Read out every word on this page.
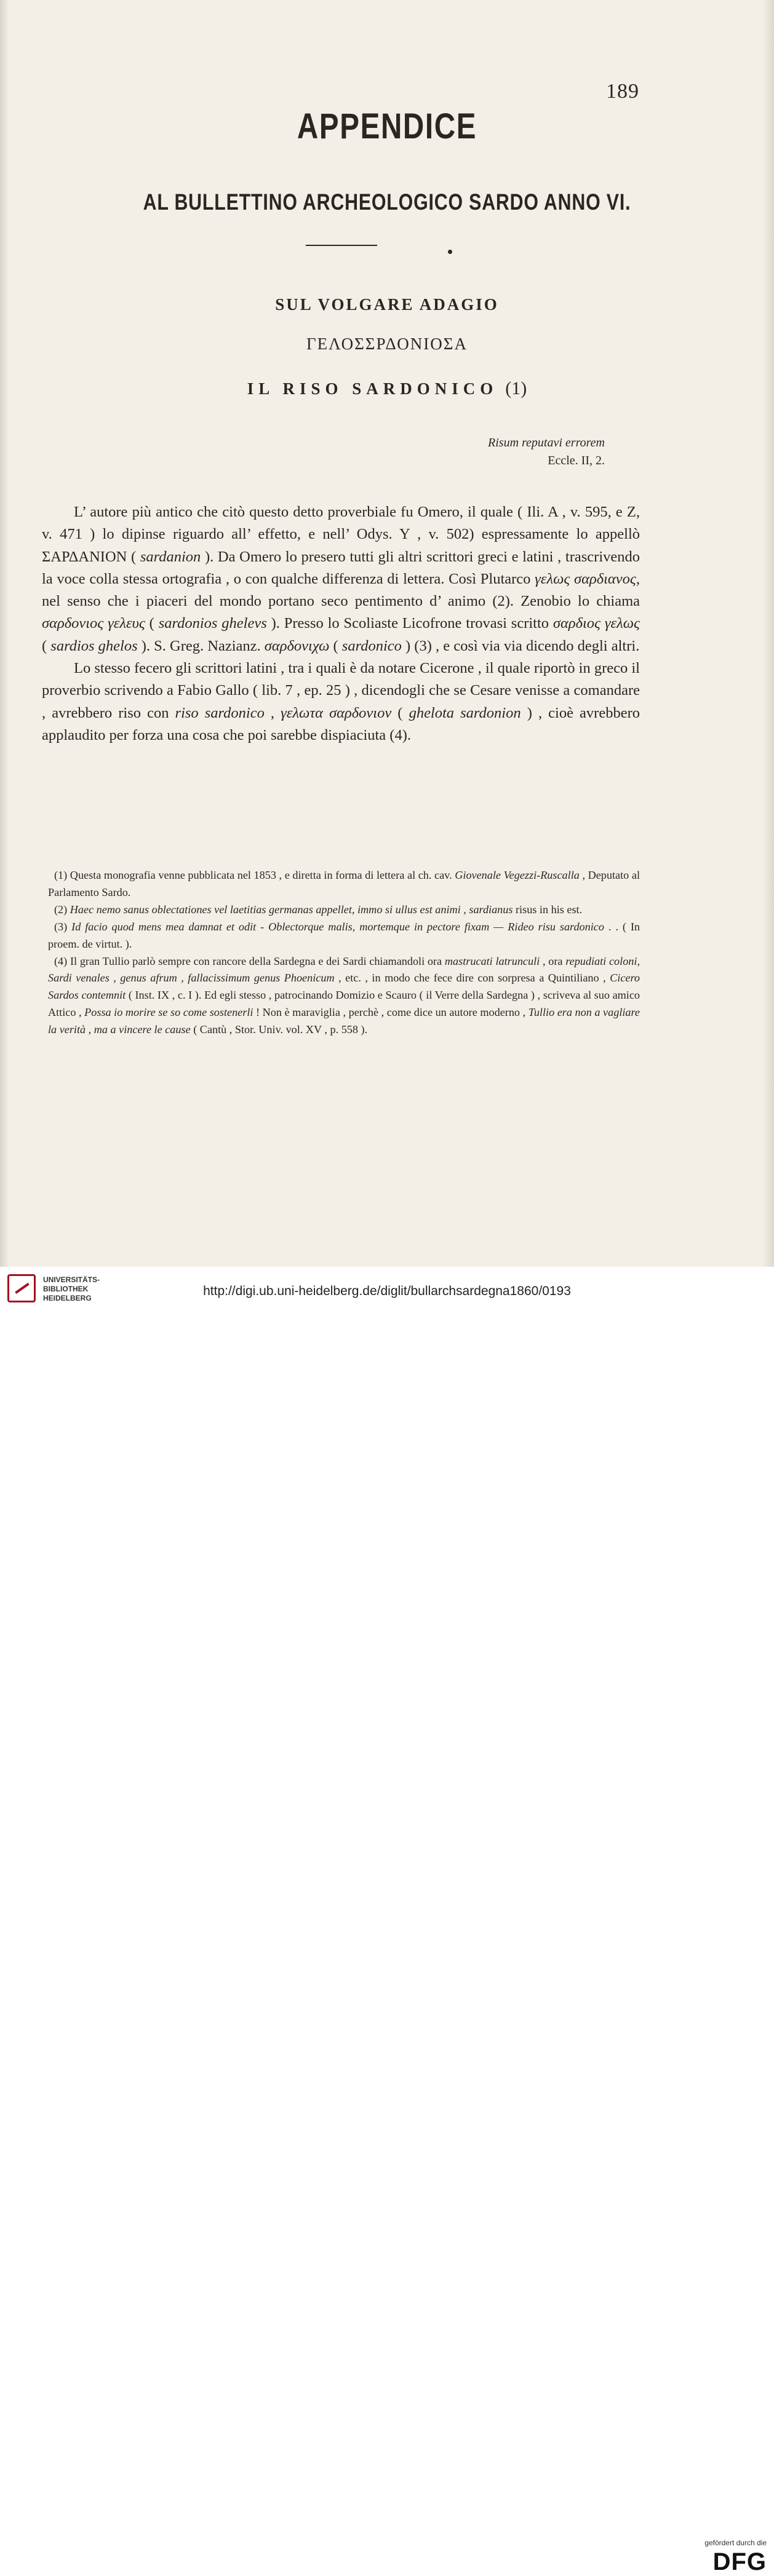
189
APPENDICE
AL BULLETTINO ARCHEOLOGICO SARDO ANNO VI.
SUL VOLGARE ADAGIO
ΓΕΛΟΣΣΡΔΟΝΙΟΣΑ
IL RISO SARDONICO (1)
Risum reputavi errorem
Eccle. II, 2.

L’ autore più antico che citò questo detto proverbiale fu Omero, il quale ( Ili. A , v. 595, e Z, v. 471 ) lo dipinse riguardo all’ effetto, e nell’ Odys. Y , v. 502) espressamente lo appellò ΣΑΡΔΑΝΙΟΝ ( sardanion ). Da Omero lo presero tutti gli altri scrittori greci e latini , trascrivendo la voce colla stessa ortografia , o con qualche differenza di lettera. Così Plutarco γελως σαρδιανος, nel senso che i piaceri del mondo portano seco pentimento d’ animo (2). Zenobio lo chiama σαρδονιος γελευς ( sardonios ghelevs ). Presso lo Scoliaste Licofrone trovasi scritto σαρδιος γελως ( sardios ghelos ). S. Greg. Nazianz. σαρδονιχω ( sardonico ) (3) , e così via via dicendo degli altri.

Lo stesso fecero gli scrittori latini , tra i quali è da notare Cicerone , il quale riportò in greco il proverbio scrivendo a Fabio Gallo ( lib. 7 , ep. 25 ) , dicendogli che se Cesare venisse a comandare , avrebbero riso con riso sardonico , γελωτα σαρδονιον ( ghelota sardonion ) , cioè avrebbero applaudito per forza una cosa che poi sarebbe dispiaciuta (4).

(1) Questa monografia venne pubblicata nel 1853 , e diretta in forma di lettera al ch. cav. Giovenale Vegezzi-Ruscalla , Deputato al Parlamento Sardo.

(2) Haec nemo sanus oblectationes vel laetitias germanas appellet, immo si ullus est animi , sardianus risus in his est.

(3) Id facio quod mens mea damnat et odit - Oblectorque malis, mortemque in pectore fixam — Rideo risu sardonico . . ( In proem. de virtut. ).

(4) Il gran Tullio parlò sempre con rancore della Sardegna e dei Sardi chiamandoli ora mastrucati latrunculi , ora repudiati coloni, Sardi venales , genus afrum , fallacissimum genus Phoenicum , etc. , in modo che fece dire con sorpresa a Quintiliano , Cicero Sardos contemnit ( Inst. IX , c. I ). Ed egli stesso , patrocinando Domizio e Scauro ( il Verre della Sardegna ) , scriveva al suo amico Attico , Possa io morire se so come sostenerli ! Non è maraviglia , perchè , come dice un autore moderno , Tullio era non a vagliare la verità , ma a vincere le cause ( Cantù , Stor. Univ. vol. XV , p. 558 ).

UNIVERSITÄTS-
BIBLIOTHEK
HEIDELBERG
gefördert durch die
DFG
http://digi.ub.uni-heidelberg.de/diglit/bullarchsardegna1860/0193
